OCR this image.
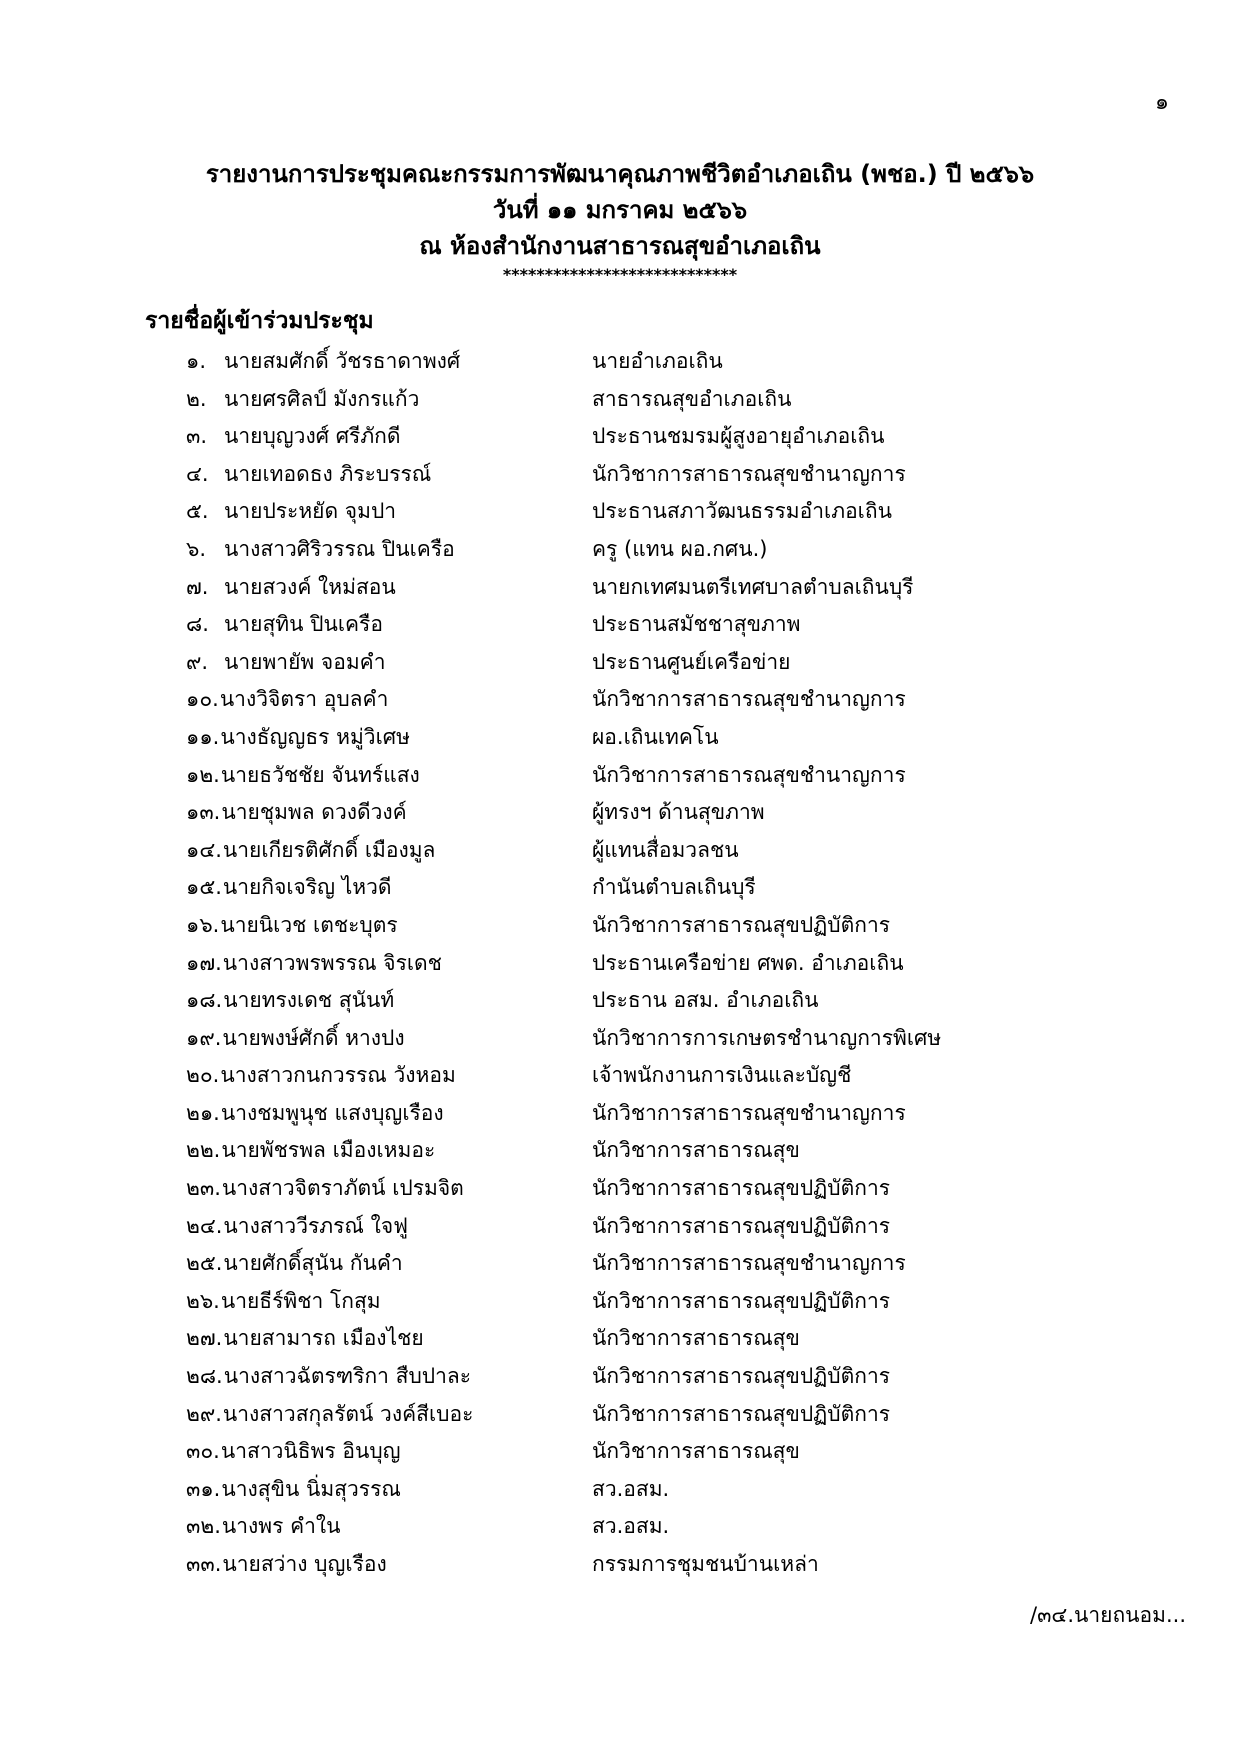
๑
รายงานการประชุมคณะกรรมการพัฒนาคุณภาพชีวิตอำเภอเถิน (พชอ.) ปี ๒๕๖๖
วันที่ ๑๑ มกราคม ๒๕๖๖
ณ ห้องสำนักงานสาธารณสุขอำเภอเถิน
****************************
รายชื่อผู้เข้าร่วมประชุม
๑. นายสมศักดิ์ วัชรธาดาพงศ์	นายอำเภอเถิน
๒. นายศรศิลป์ มังกรแก้ว	สาธารณสุขอำเภอเถิน
๓. นายบุญวงศ์ ศรีภักดี	ประธานชมรมผู้สูงอายุอำเภอเถิน
๔. นายเทอดธง ภิระบรรณ์	นักวิชาการสาธารณสุขชำนาญการ
๕. นายประหยัด จุมปา	ประธานสภาวัฒนธรรมอำเภอเถิน
๖. นางสาวศิริวรรณ ปินเครือ	ครู (แทน ผอ.กศน.)
๗. นายสวงค์ ใหม่สอน	นายกเทศมนตรีเทศบาลตำบลเถินบุรี
๘. นายสุทิน ปินเครือ	ประธานสมัชชาสุขภาพ
๙. นายพายัพ จอมคำ	ประธานศูนย์เครือข่าย
๑๐. นางวิจิตรา อุบลคำ	นักวิชาการสาธารณสุขชำนาญการ
๑๑. นางธัญญธร หมู่วิเศษ	ผอ.เถินเทคโน
๑๒. นายธวัชชัย จันทร์แสง	นักวิชาการสาธารณสุขชำนาญการ
๑๓. นายชุมพล ดวงดีวงค์	ผู้ทรงฯ ด้านสุขภาพ
๑๔. นายเกียรติศักดิ์ เมืองมูล	ผู้แทนสื่อมวลชน
๑๕. นายกิจเจริญ ไหวดี	กำนันตำบลเถินบุรี
๑๖. นายนิเวช เตชะบุตร	นักวิชาการสาธารณสุขปฏิบัติการ
๑๗. นางสาวพรพรรณ จิรเดช	ประธานเครือข่าย ศพด. อำเภอเถิน
๑๘. นายทรงเดช สุนันท์	ประธาน อสม. อำเภอเถิน
๑๙. นายพงษ์ศักดิ์ หางปง	นักวิชาการการเกษตรชำนาญการพิเศษ
๒๐. นางสาวกนกวรรณ วังหอม	เจ้าพนักงานการเงินและบัญชี
๒๑. นางชมพูนุช แสงบุญเรือง	นักวิชาการสาธารณสุขชำนาญการ
๒๒. นายพัชรพล เมืองเหมอะ	นักวิชาการสาธารณสุข
๒๓. นางสาวจิตราภัตน์ เปรมจิต	นักวิชาการสาธารณสุขปฏิบัติการ
๒๔. นางสาววีรภรณ์ ใจฟู	นักวิชาการสาธารณสุขปฏิบัติการ
๒๕. นายศักดิ์สุนัน กันคำ	นักวิชาการสาธารณสุขชำนาญการ
๒๖. นายธีร์พิชา โกสุม	นักวิชาการสาธารณสุขปฏิบัติการ
๒๗. นายสามารถ เมืองไชย	นักวิชาการสาธารณสุข
๒๘. นางสาวฉัตรฑริกา สืบปาละ	นักวิชาการสาธารณสุขปฏิบัติการ
๒๙. นางสาวสกุลรัตน์ วงค์สีเบอะ	นักวิชาการสาธารณสุขปฏิบัติการ
๓๐. นาสาวนิธิพร อินบุญ	นักวิชาการสาธารณสุข
๓๑. นางสุขิน นิ่มสุวรรณ	สว.อสม.
๓๒. นางพร คำใน	สว.อสม.
๓๓. นายสว่าง บุญเรือง	กรรมการชุมชนบ้านเหล่า
/๓๔.นายถนอม...
